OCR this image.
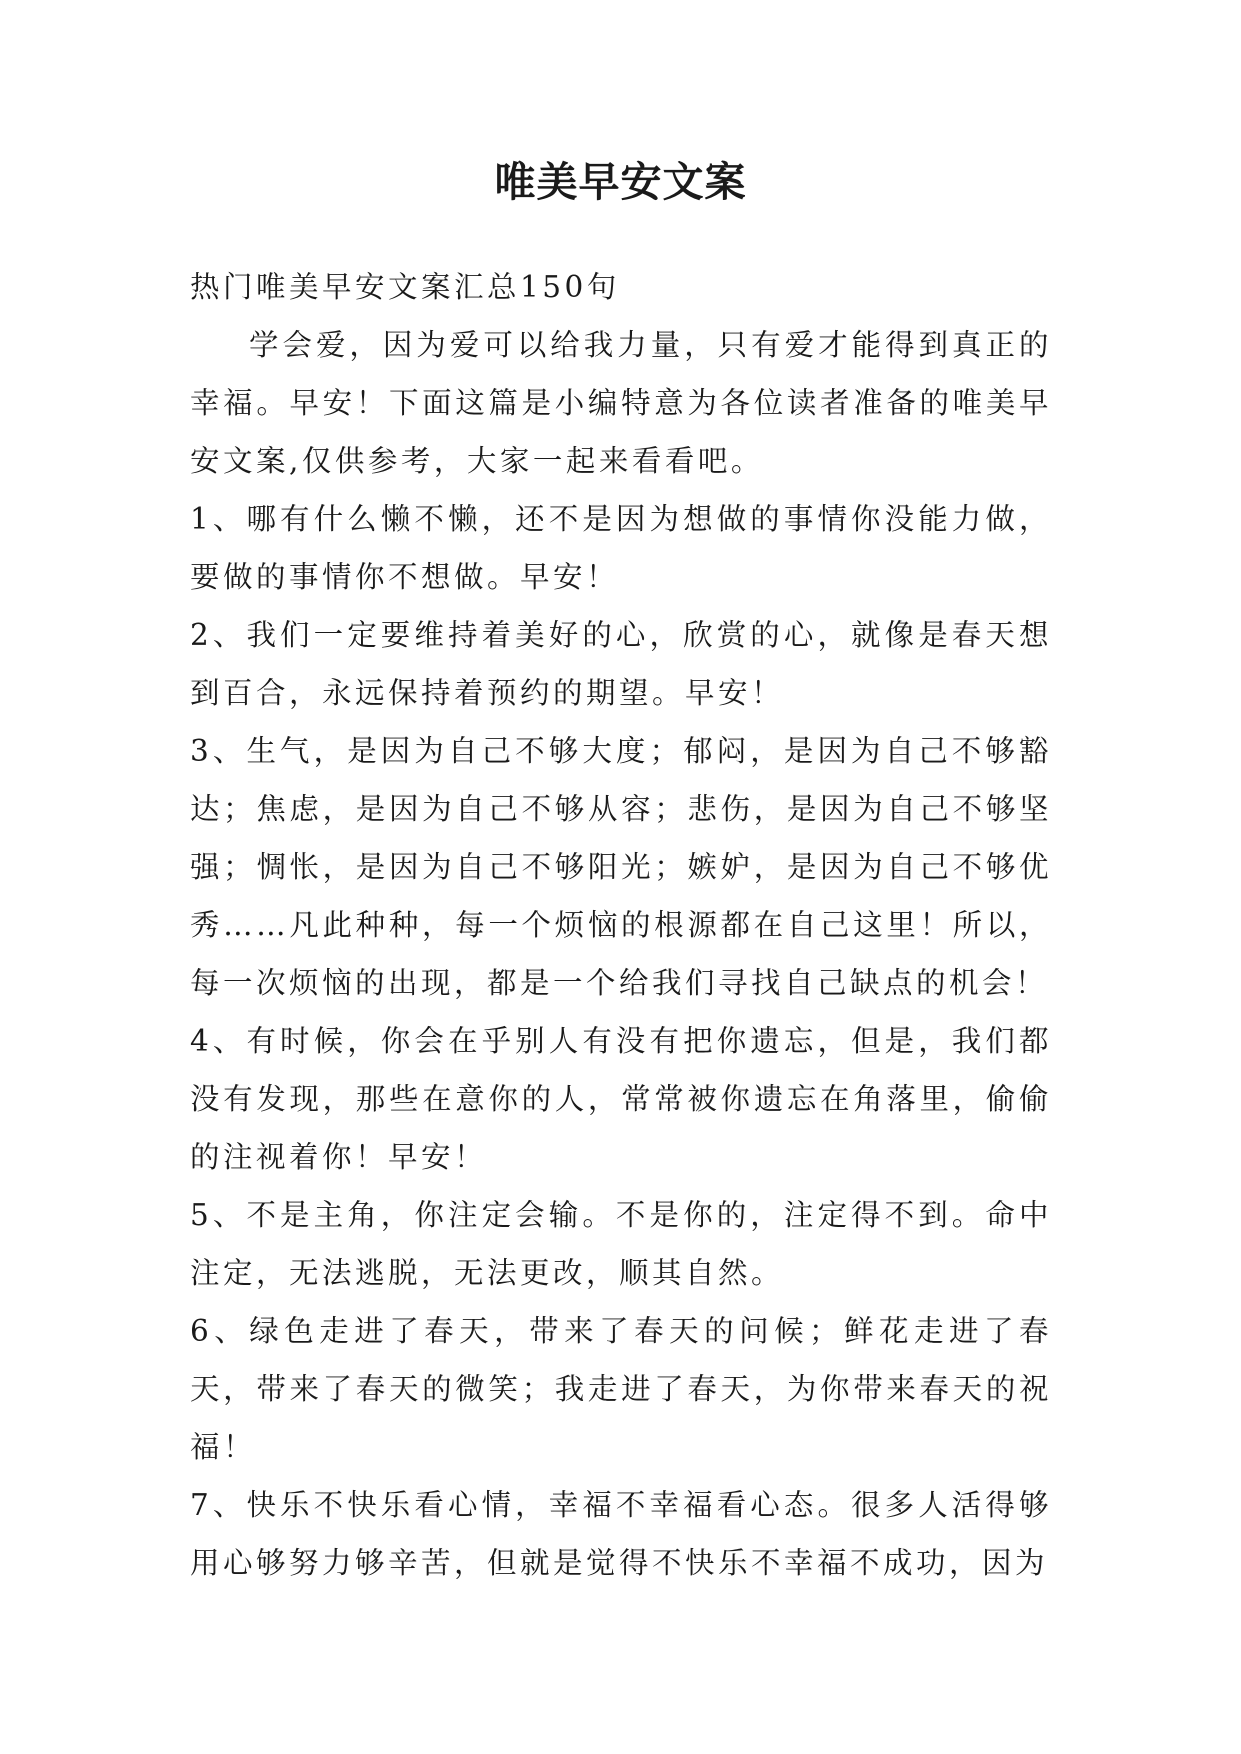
唯美早安文案

热门唯美早安文案汇总150句

学会爱，因为爱可以给我力量，只有爱才能得到真正的幸福。早安！下面这篇是小编特意为各位读者准备的唯美早安文案,仅供参考，大家一起来看看吧。

1、哪有什么懒不懒，还不是因为想做的事情你没能力做，要做的事情你不想做。早安！

2、我们一定要维持着美好的心，欣赏的心，就像是春天想到百合，永远保持着预约的期望。早安！

3、生气，是因为自己不够大度；郁闷，是因为自己不够豁达；焦虑，是因为自己不够从容；悲伤，是因为自己不够坚强；惆怅，是因为自己不够阳光；嫉妒，是因为自己不够优秀……凡此种种，每一个烦恼的根源都在自己这里！所以，每一次烦恼的出现，都是一个给我们寻找自己缺点的机会！

4、有时候，你会在乎别人有没有把你遗忘，但是，我们都没有发现，那些在意你的人，常常被你遗忘在角落里，偷偷的注视着你！早安！

5、不是主角，你注定会输。不是你的，注定得不到。命中注定，无法逃脱，无法更改，顺其自然。

6、绿色走进了春天，带来了春天的问候；鲜花走进了春天，带来了春天的微笑；我走进了春天，为你带来春天的祝福！

7、快乐不快乐看心情，幸福不幸福看心态。很多人活得够用心够努力够辛苦，但就是觉得不快乐不幸福不成功，因为
